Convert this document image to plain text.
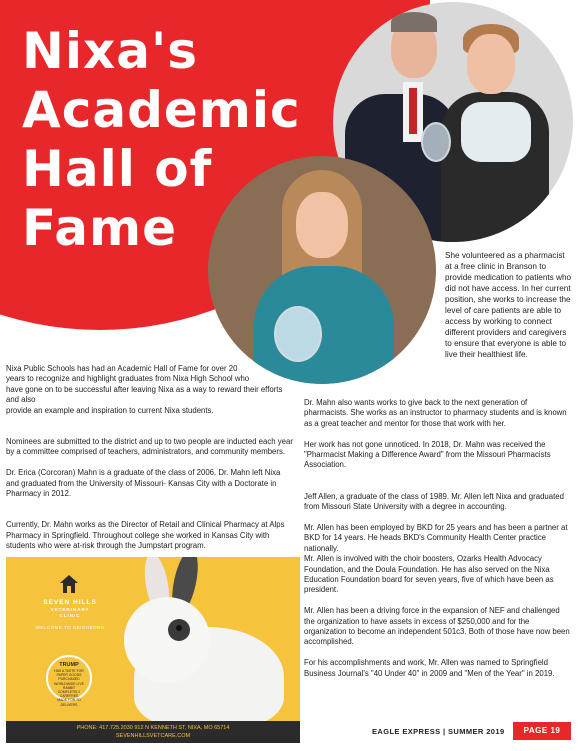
Nixa's
Academic
Hall of
Fame	She volunteered as a pharmacist at a free clinic in Branson to provide medication to patients who did not have access. In her current position, she works to increase the level of care patients are able to access by working to connect different providers and caregivers to ensure that everyone is able to live their healthiest life.

Nixa Public Schools has had an Academic Hall of Fame for over 20
years to recognize and highlight graduates from Nixa High School who
have gone on to be successful after leaving Nixa as a way to reward their efforts and also
provide an example and inspiration to current Nixa students.

Nominees are submitted to the district and up to two people are inducted each year by a committee comprised of teachers, administrators, and community members.

Dr. Erica (Corcoran) Mahn is a graduate of the class of 2006. Dr. Mahn left Nixa and graduated from the University of Missouri- Kansas City with a Doctorate in Pharmacy in 2012.

Currently, Dr. Mahn works as the Director of Retail and Clinical Pharmacy at Alps Pharmacy in Springfield. Throughout college she worked in Kansas City with students who were at-risk through the Jumpstart program.

Dr. Mahn also wants works to give back to the next generation of pharmacists. She works as an instructor to pharmacy students and is known as a great teacher and mentor for those that work with her.

Her work has not gone unnoticed. In 2018, Dr. Mahn was received the "Pharmacist Making a Difference Award" from the Missouri Pharmacists Association.

Jeff Allen, a graduate of the class of 1989. Mr. Allen left Nixa and graduated from Missouri State University with a degree in accounting.

Mr. Allen has been employed by BKD for 25 years and has been a partner at BKD for 14 years. He heads BKD's Community Health Center practice nationally.

Mr. Allen is involved with the choir boosters, Ozarks Health Advocacy Foundation, and the Doula Foundation. He has also served on the Nixa Education Foundation board for seven years, five of which have been as president.

Mr. Allen has been a driving force in the expansion of NEF and challenged the organization to have assets in excess of $250,000 and for the organization to become an independent 501c3. Both of those have now been accomplished.

For his accomplishments and work, Mr. Allen was named to Springfield Business Journal's "40 Under 40" in 2009 and "Men of the Year" in 2019.

SEVEN HILLS
VETERINARY
CLINIC
WELCOME TO NEIGHBORS
TRUMP
HAS A TASTE FOR
PAPER GOODS
PURCHASED
WORLDWIDE LIVE
RABBIT
COMPLETELY
CAREFREE
MADE FOR TO
DELIVERS
PHONE: 417.725.2030 912 N KENNETH ST, NIXA, MO 65714
SEVENHILLSVETCARE.COM	EAGLE EXPRESS | SUMMER 2019	PAGE 19
